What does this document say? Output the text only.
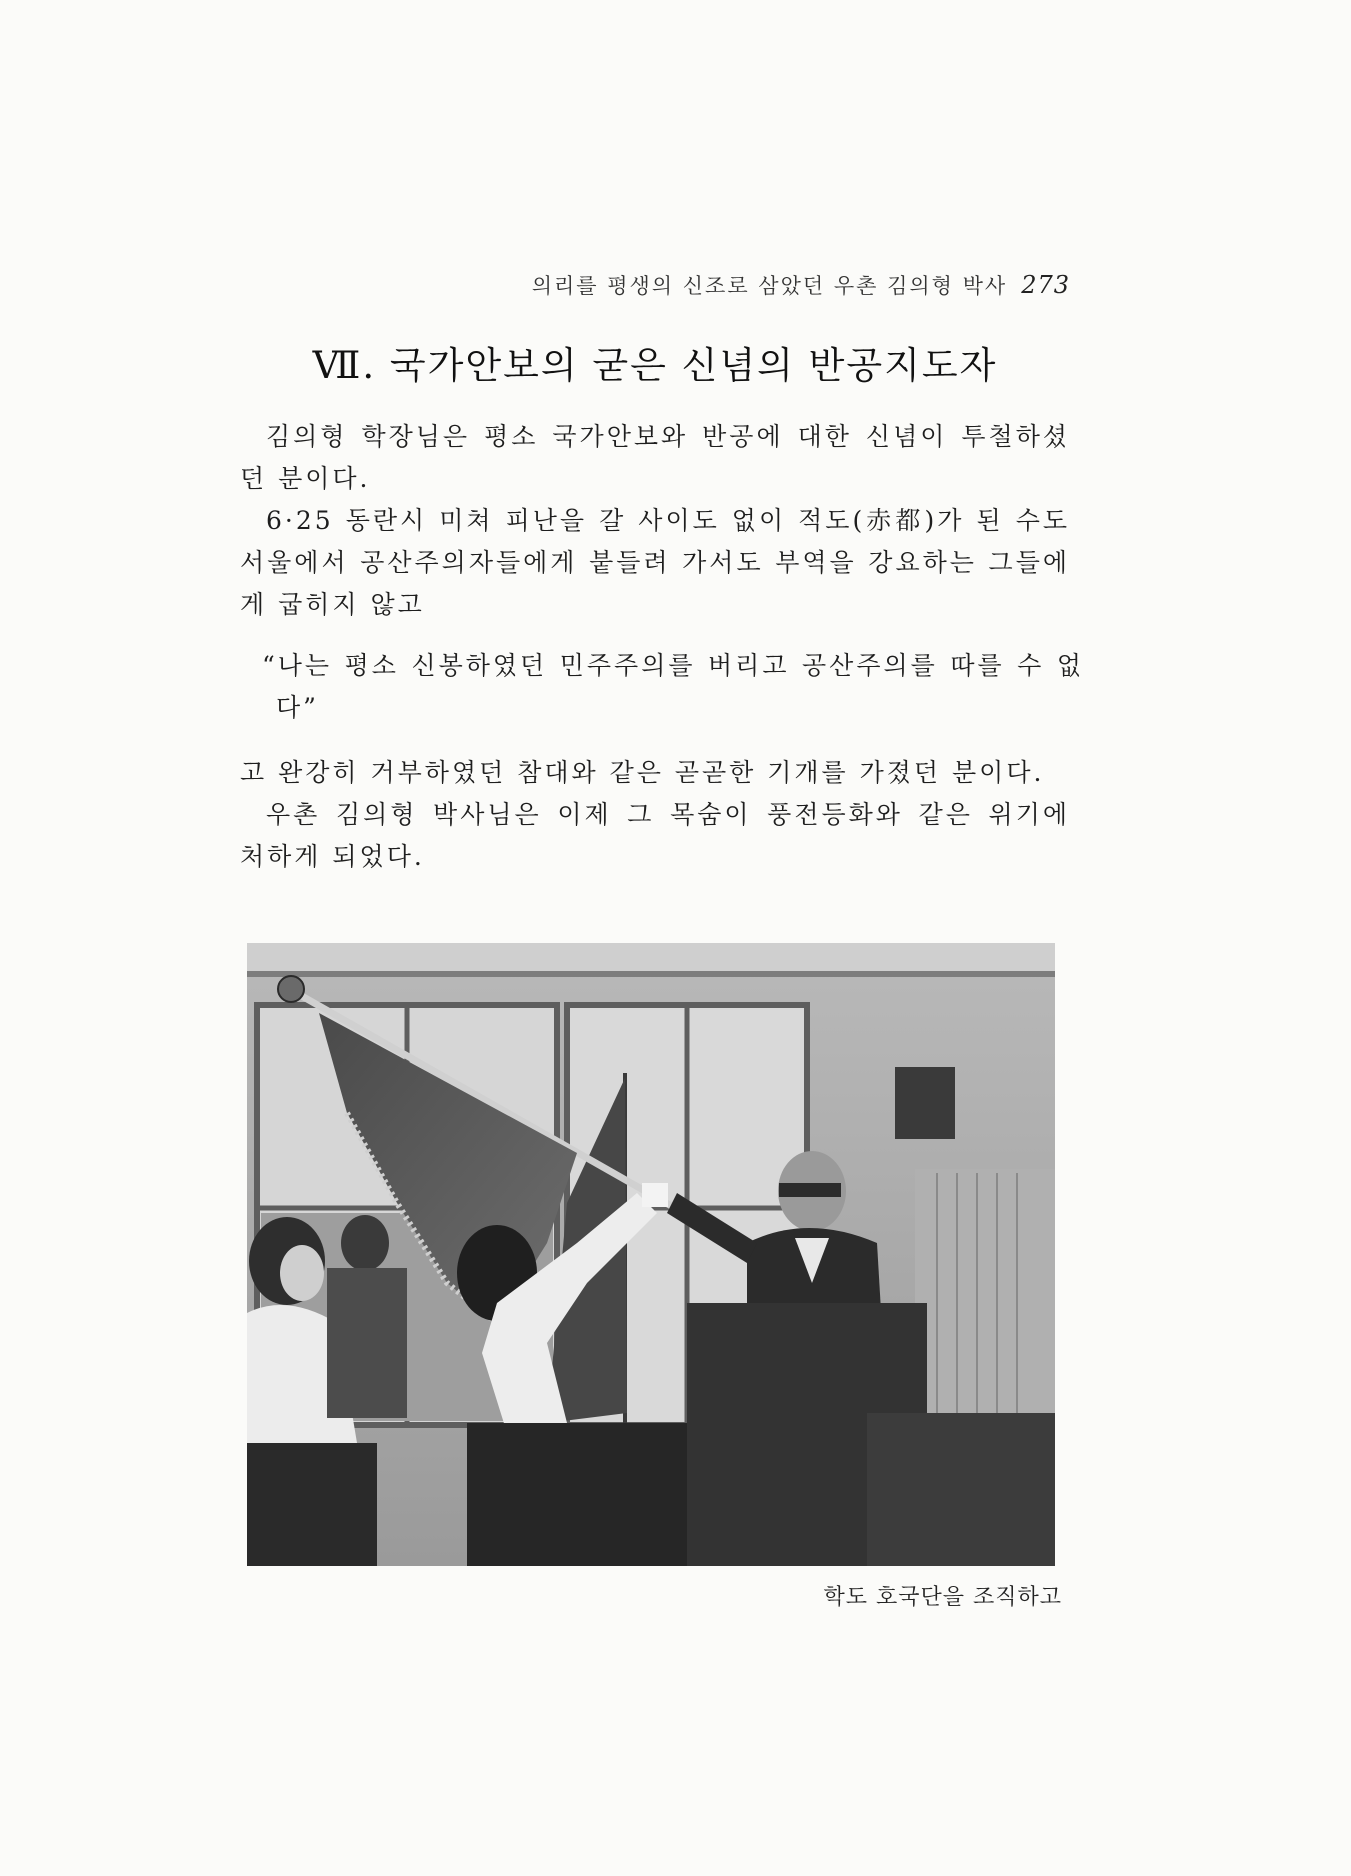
의리를 평생의 신조로 삼았던 우촌 김의형 박사 273
Ⅶ. 국가안보의 굳은 신념의 반공지도자

김의형 학장님은 평소 국가안보와 반공에 대한 신념이 투철하셨던 분이다.

6·25 동란시 미쳐 피난을 갈 사이도 없이 적도(赤都)가 된 수도 서울에서 공산주의자들에게 붙들려 가서도 부역을 강요하는 그들에게 굽히지 않고

“나는 평소 신봉하였던 민주주의를 버리고 공산주의를 따를 수 없다”

고 완강히 거부하였던 참대와 같은 곧곧한 기개를 가졌던 분이다.

우촌 김의형 박사님은 이제 그 목숨이 풍전등화와 같은 위기에 처하게 되었다.

학도 호국단을 조직하고
